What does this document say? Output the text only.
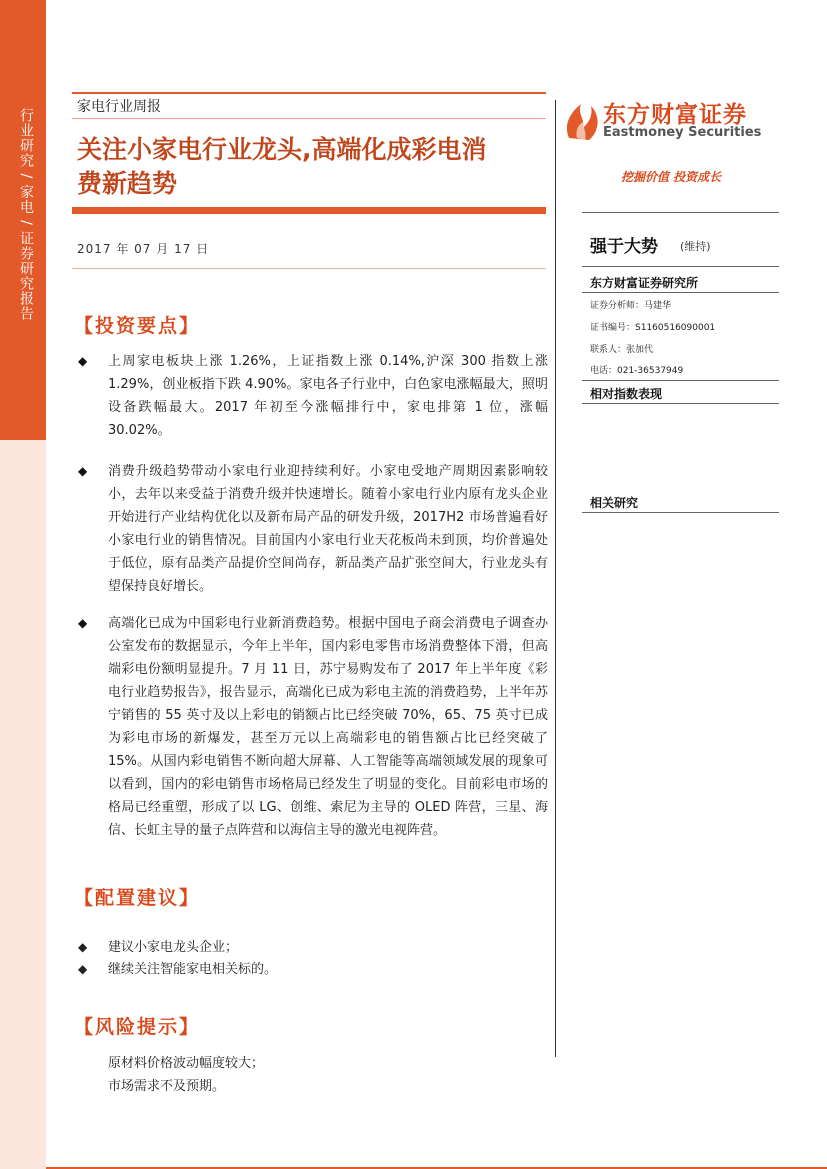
行业研究 / 家电 / 证券研究报告
家电行业周报
关注小家电行业龙头,高端化成彩电消
费新趋势
2017 年 07 月 17 日
【投资要点】
◆ 上周家电板块上涨 1.26%，上证指数上涨 0.14%,沪深 300 指数上涨 1.29%，创业板指下跌 4.90%。家电各子行业中，白色家电涨幅最大，照明设备跌幅最大。2017 年初至今涨幅排行中，家电排第 1 位，涨幅 30.02%。
◆ 消费升级趋势带动小家电行业迎持续利好。小家电受地产周期因素影响较小，去年以来受益于消费升级并快速增长。随着小家电行业内原有龙头企业开始进行产业结构优化以及新布局产品的研发升级，2017H2 市场普遍看好小家电行业的销售情况。目前国内小家电行业天花板尚未到顶，均价普遍处于低位，原有品类产品提价空间尚存，新品类产品扩张空间大，行业龙头有望保持良好增长。
◆ 高端化已成为中国彩电行业新消费趋势。根据中国电子商会消费电子调查办公室发布的数据显示，今年上半年，国内彩电零售市场消费整体下滑，但高端彩电份额明显提升。7 月 11 日，苏宁易购发布了 2017 年上半年度《彩电行业趋势报告》，报告显示，高端化已成为彩电主流的消费趋势，上半年苏宁销售的 55 英寸及以上彩电的销额占比已经突破 70%，65、75 英寸已成为彩电市场的新爆发，甚至万元以上高端彩电的销售额占比已经突破了 15%。从国内彩电销售不断向超大屏幕、人工智能等高端领域发展的现象可以看到，国内的彩电销售市场格局已经发生了明显的变化。目前彩电市场的格局已经重塑，形成了以 LG、创维、索尼为主导的 OLED 阵营，三星、海信、长虹主导的量子点阵营和以海信主导的激光电视阵营。
【配置建议】
◆ 建议小家电龙头企业；
◆ 继续关注智能家电相关标的。
【风险提示】
原材料价格波动幅度较大；
市场需求不及预期。
东方财富证券
Eastmoney Securities
挖掘价值 投资成长
强于大势 (维持)
东方财富证券研究所
证券分析师：马建华
证书编号：S1160516090001
联系人：张加代
电话：021-36537949
相对指数表现
相关研究
